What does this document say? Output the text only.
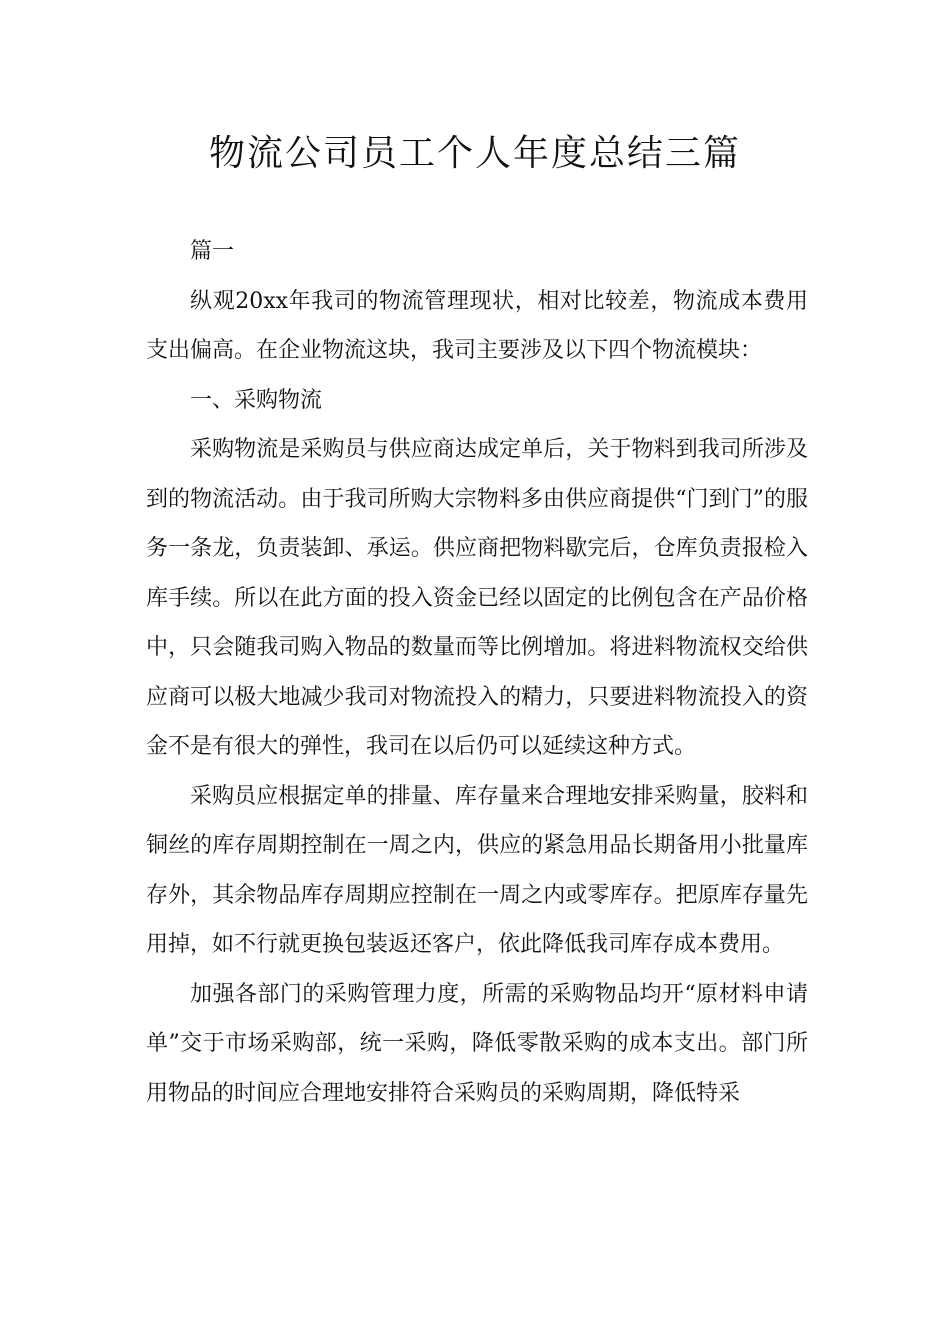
物流公司员工个人年度总结三篇

篇一

纵观20xx年我司的物流管理现状，相对比较差，物流成本费用支出偏高。在企业物流这块，我司主要涉及以下四个物流模块：

一、采购物流

采购物流是采购员与供应商达成定单后，关于物料到我司所涉及到的物流活动。由于我司所购大宗物料多由供应商提供“门到门”的服务一条龙，负责装卸、承运。供应商把物料歇完后，仓库负责报检入库手续。所以在此方面的投入资金已经以固定的比例包含在产品价格中，只会随我司购入物品的数量而等比例增加。将进料物流权交给供应商可以极大地减少我司对物流投入的精力，只要进料物流投入的资金不是有很大的弹性，我司在以后仍可以延续这种方式。

采购员应根据定单的排量、库存量来合理地安排采购量，胶料和铜丝的库存周期控制在一周之内，供应的紧急用品长期备用小批量库存外，其余物品库存周期应控制在一周之内或零库存。把原库存量先用掉，如不行就更换包装返还客户，依此降低我司库存成本费用。

加强各部门的采购管理力度，所需的采购物品均开“原材料申请单”交于市场采购部，统一采购，降低零散采购的成本支出。部门所用物品的时间应合理地安排符合采购员的采购周期，降低特采
